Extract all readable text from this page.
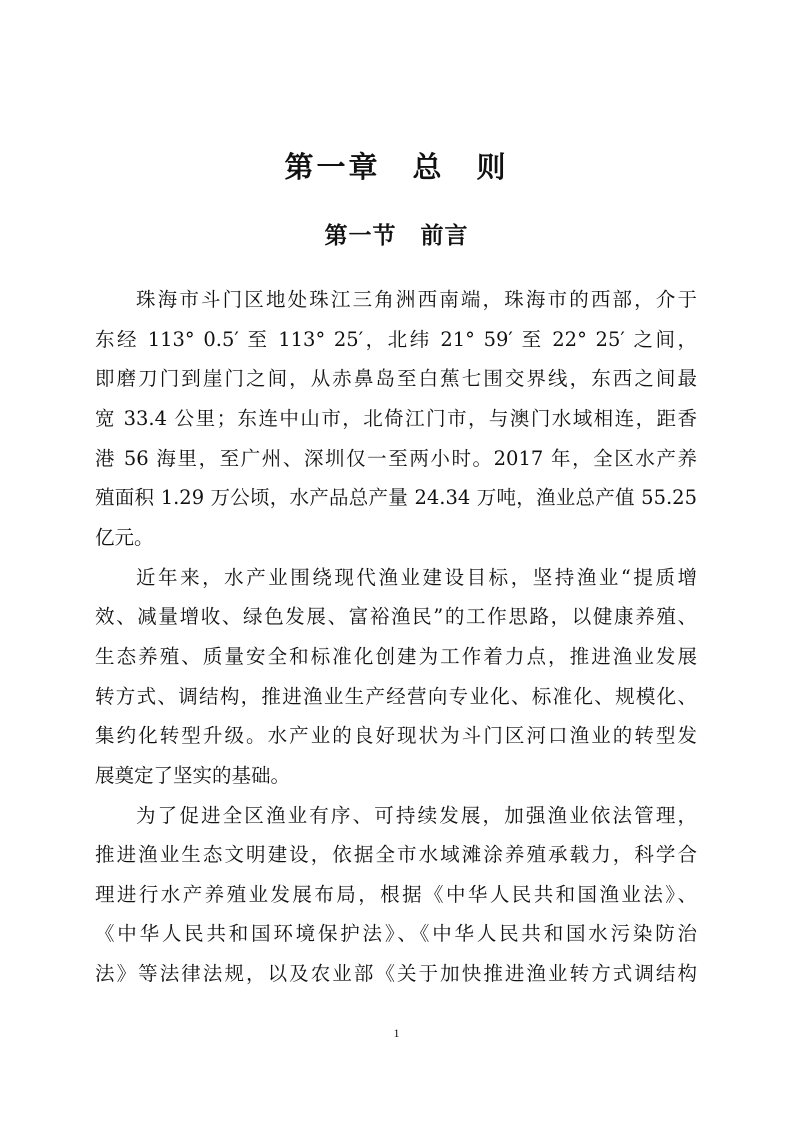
第一章　总　则
第一节　前言
珠海市斗门区地处珠江三角洲西南端，珠海市的西部，介于
东经 113° 0.5′ 至 113° 25′，北纬 21° 59′ 至 22° 25′ 之间，
即磨刀门到崖门之间，从赤鼻岛至白蕉七围交界线，东西之间最
宽 33.4 公里；东连中山市，北倚江门市，与澳门水域相连，距香
港 56 海里，至广州、深圳仅一至两小时。2017 年，全区水产养
殖面积 1.29 万公顷，水产品总产量 24.34 万吨，渔业总产值 55.25
亿元。
近年来，水产业围绕现代渔业建设目标，坚持渔业“提质增
效、减量增收、绿色发展、富裕渔民”的工作思路，以健康养殖、
生态养殖、质量安全和标准化创建为工作着力点，推进渔业发展
转方式、调结构，推进渔业生产经营向专业化、标准化、规模化、
集约化转型升级。水产业的良好现状为斗门区河口渔业的转型发
展奠定了坚实的基础。
为了促进全区渔业有序、可持续发展，加强渔业依法管理，
推进渔业生态文明建设，依据全市水域滩涂养殖承载力，科学合
理进行水产养殖业发展布局，根据《中华人民共和国渔业法》、
《中华人民共和国环境保护法》、《中华人民共和国水污染防治
法》等法律法规，以及农业部《关于加快推进渔业转方式调结构
1
